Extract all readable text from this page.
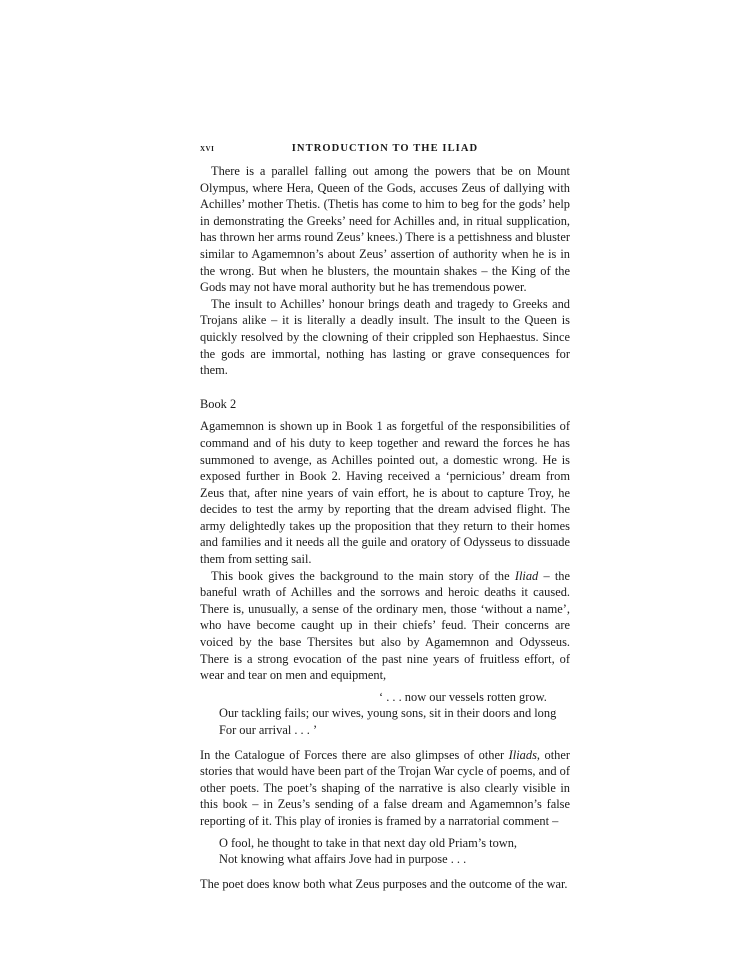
xvi	INTRODUCTION TO THE ILIAD

There is a parallel falling out among the powers that be on Mount Olympus, where Hera, Queen of the Gods, accuses Zeus of dallying with Achilles’ mother Thetis. (Thetis has come to him to beg for the gods’ help in demonstrating the Greeks’ need for Achilles and, in ritual supplication, has thrown her arms round Zeus’ knees.) There is a pettishness and bluster similar to Agamemnon’s about Zeus’ assertion of authority when he is in the wrong. But when he blusters, the mountain shakes – the King of the Gods may not have moral authority but he has tremendous power.

The insult to Achilles’ honour brings death and tragedy to Greeks and Trojans alike – it is literally a deadly insult. The insult to the Queen is quickly resolved by the clowning of their crippled son Hephaestus. Since the gods are immortal, nothing has lasting or grave consequences for them.

Book 2

Agamemnon is shown up in Book 1 as forgetful of the responsibilities of command and of his duty to keep together and reward the forces he has summoned to avenge, as Achilles pointed out, a domestic wrong. He is exposed further in Book 2. Having received a ‘pernicious’ dream from Zeus that, after nine years of vain effort, he is about to capture Troy, he decides to test the army by reporting that the dream advised flight. The army delightedly takes up the proposition that they return to their homes and families and it needs all the guile and oratory of Odysseus to dissuade them from setting sail.

This book gives the background to the main story of the Iliad – the baneful wrath of Achilles and the sorrows and heroic deaths it caused. There is, unusually, a sense of the ordinary men, those ‘without a name’, who have become caught up in their chiefs’ feud. Their concerns are voiced by the base Thersites but also by Agamemnon and Odysseus. There is a strong evocation of the past nine years of fruitless effort, of wear and tear on men and equipment,

‘ . . . now our vessels rotten grow.
Our tackling fails; our wives, young sons, sit in their doors and long
For our arrival . . . ’

In the Catalogue of Forces there are also glimpses of other Iliads, other stories that would have been part of the Trojan War cycle of poems, and of other poets. The poet’s shaping of the narrative is also clearly visible in this book – in Zeus’s sending of a false dream and Agamemnon’s false reporting of it. This play of ironies is framed by a narratorial comment –

O fool, he thought to take in that next day old Priam’s town,
Not knowing what affairs Jove had in purpose . . .

The poet does know both what Zeus purposes and the outcome of the war.
